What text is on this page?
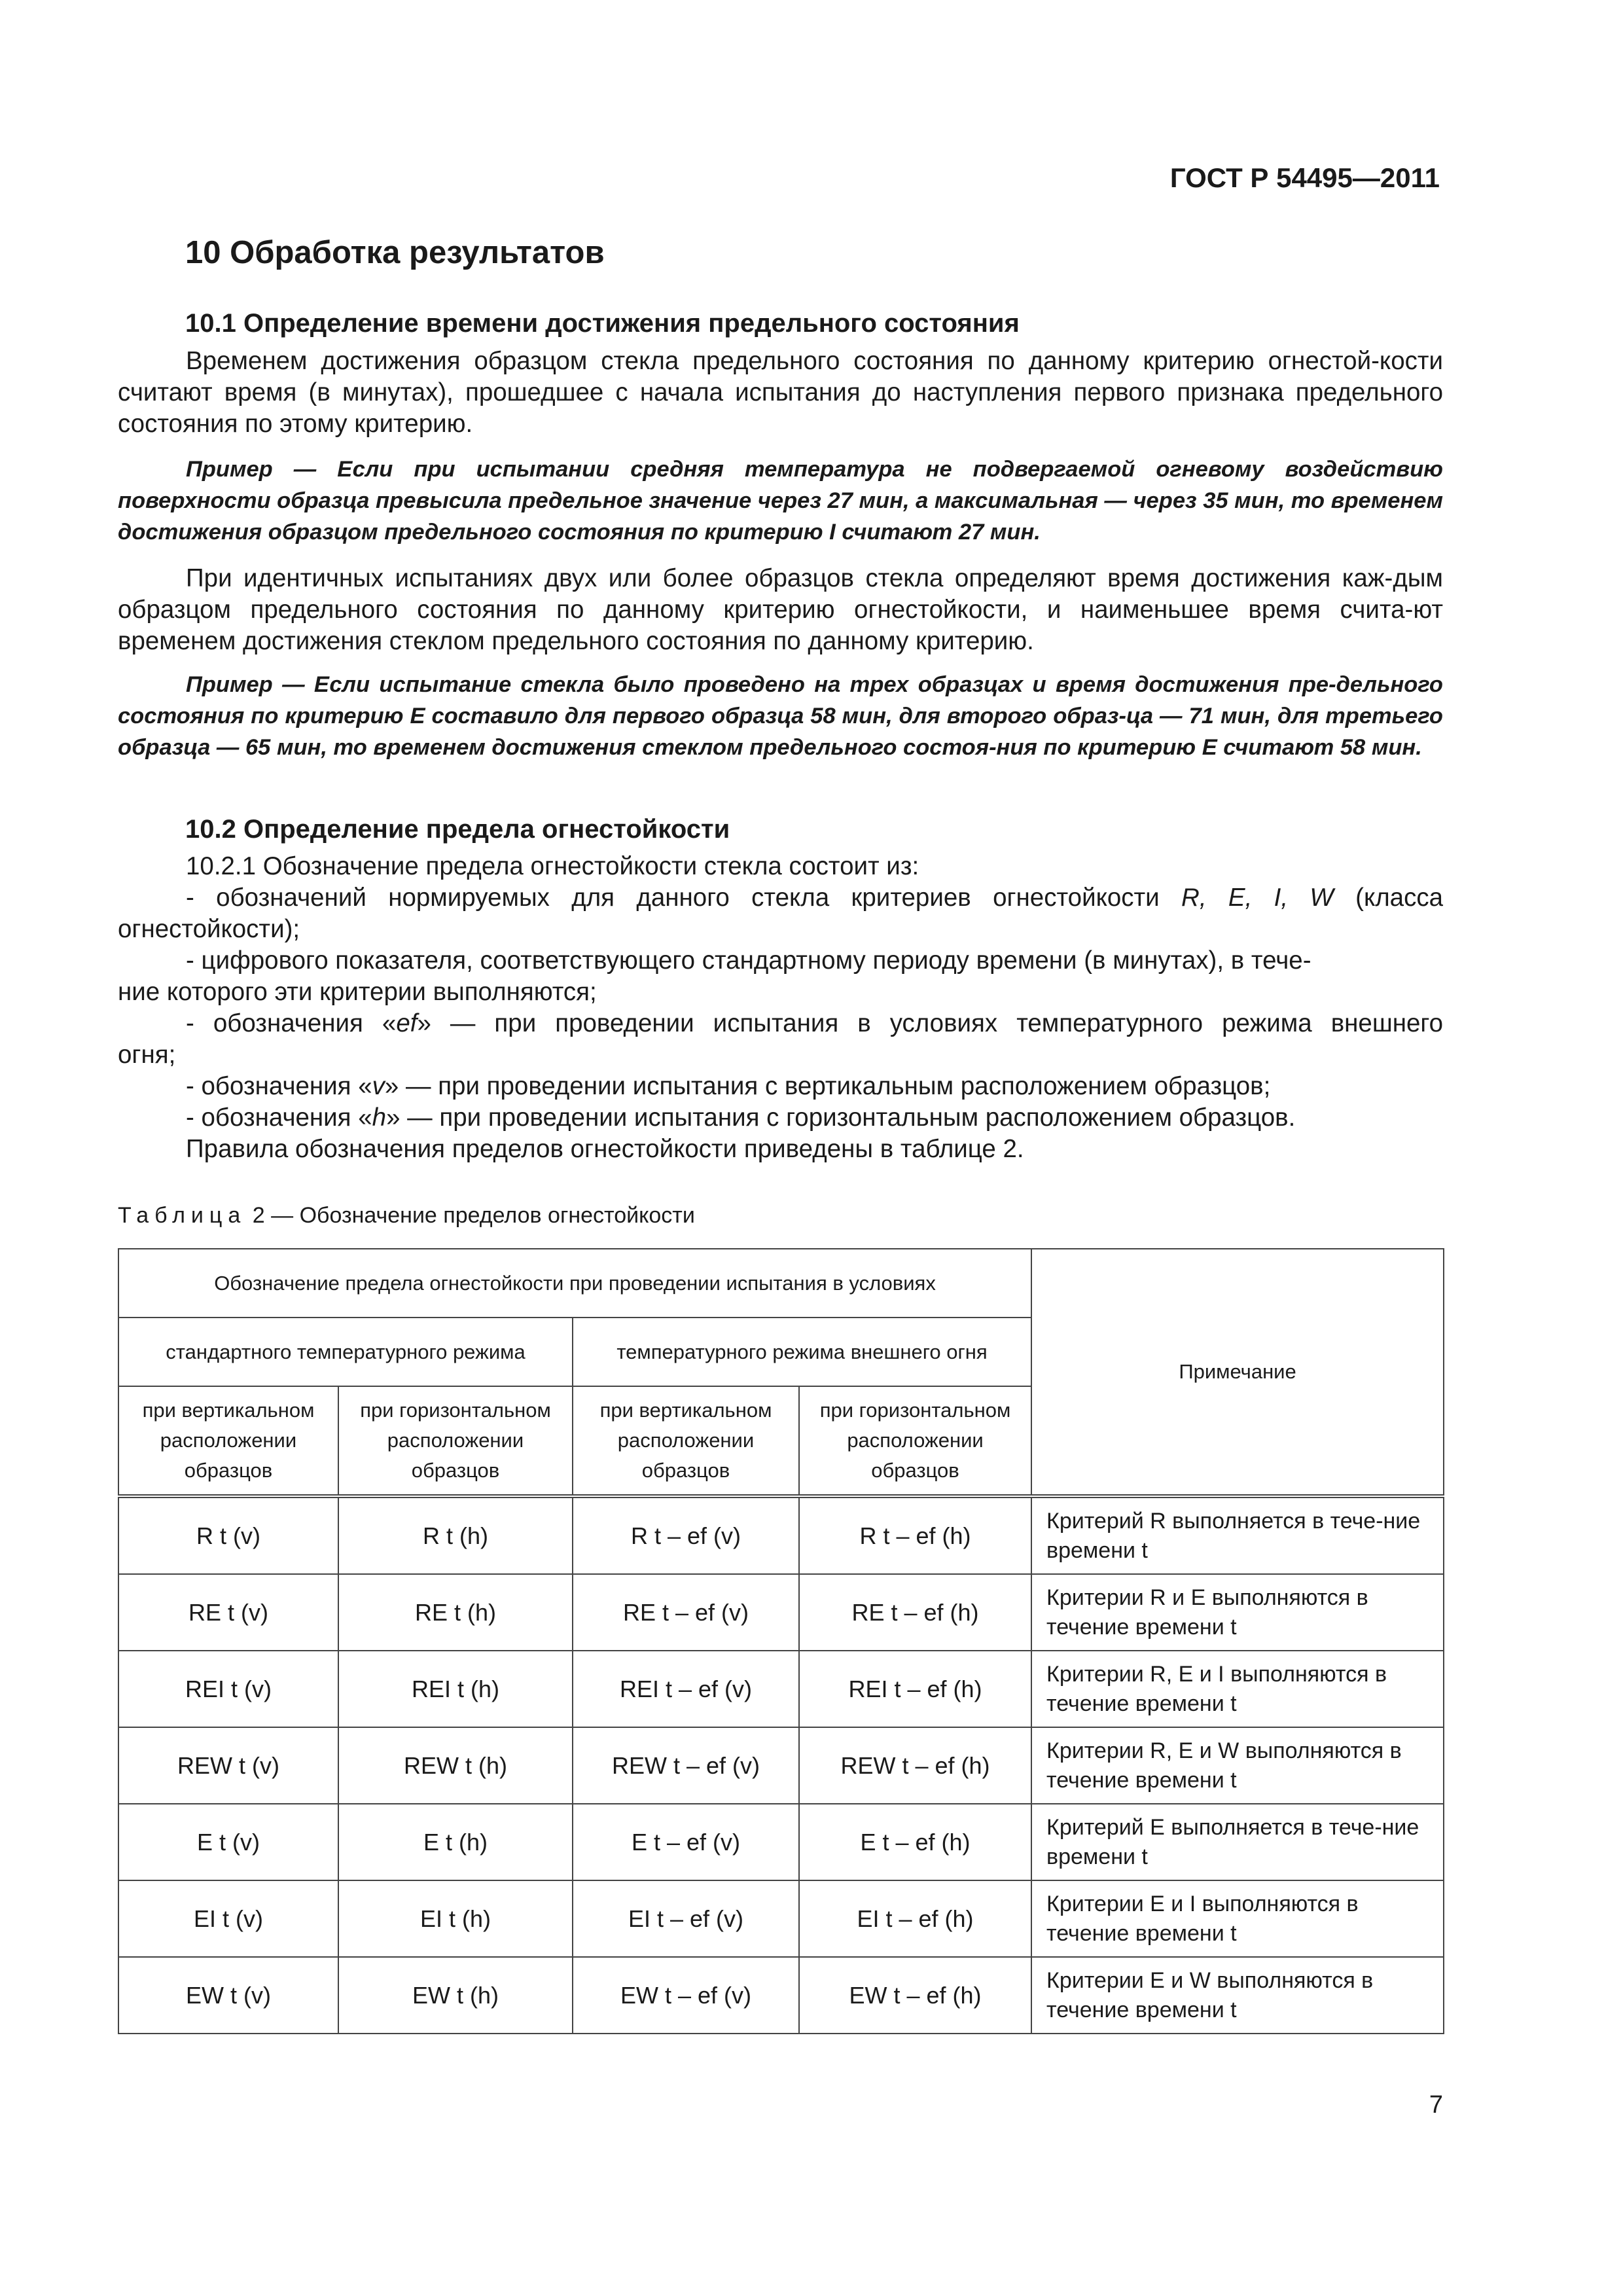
ГОСТ Р 54495—2011
10 Обработка результатов
10.1 Определение времени достижения предельного состояния
Временем достижения образцом стекла предельного состояния по данному критерию огнестой-кости считают время (в минутах), прошедшее с начала испытания до наступления первого признака предельного состояния по этому критерию.
Пример — Если при испытании средняя температура не подвергаемой огневому воздействию поверхности образца превысила предельное значение через 27 мин, а максимальная — через 35 мин, то временем достижения образцом предельного состояния по критерию I считают 27 мин.
При идентичных испытаниях двух или более образцов стекла определяют время достижения каж-дым образцом предельного состояния по данному критерию огнестойкости, и наименьшее время счита-ют временем достижения стеклом предельного состояния по данному критерию.
Пример — Если испытание стекла было проведено на трех образцах и время достижения пре-дельного состояния по критерию E составило для первого образца 58 мин, для второго образ-ца — 71 мин, для третьего образца — 65 мин, то временем достижения стеклом предельного состоя-ния по критерию E считают 58 мин.
10.2 Определение предела огнестойкости
10.2.1 Обозначение предела огнестойкости стекла состоит из:
- обозначений нормируемых для данного стекла критериев огнестойкости R, E, I, W (класса
огнестойкости);
- цифрового показателя, соответствующего стандартному периоду времени (в минутах), в тече-
ние которого эти критерии выполняются;
- обозначения «ef» — при проведении испытания в условиях температурного режима внешнего
огня;
- обозначения «v» — при проведении испытания с вертикальным расположением образцов;
- обозначения «h» — при проведении испытания с горизонтальным расположением образцов.
Правила обозначения пределов огнестойкости приведены в таблице 2.
Таблица 2 — Обозначение пределов огнестойкости
Обозначение предела огнестойкости при проведении испытания в условиях				Примечание
стандартного температурного режима		температурного режима внешнего огня		
при вертикальном расположении образцов	при горизонтальном расположении образцов	при вертикальном расположении образцов	при горизонтальном расположении образцов	
R t (v)	R t (h)	R t – ef (v)	R t – ef (h)	Критерий R выполняется в тече-ние времени t
RE t (v)	RE t (h)	RE t – ef (v)	RE t – ef (h)	Критерии R и E выполняются в течение времени t
REI t (v)	REI t (h)	REI t – ef (v)	REI t – ef (h)	Критерии R, E и I выполняются в течение времени t
REW t (v)	REW t (h)	REW t – ef (v)	REW t – ef (h)	Критерии R, E и W выполняются в течение времени t
E t (v)	E t (h)	E t – ef (v)	E t – ef (h)	Критерий E выполняется в тече-ние времени t
EI t (v)	EI t (h)	EI t – ef (v)	EI t – ef (h)	Критерии E и I выполняются в течение времени t
EW t (v)	EW t (h)	EW t – ef (v)	EW t – ef (h)	Критерии E и W выполняются в течение времени t
7
